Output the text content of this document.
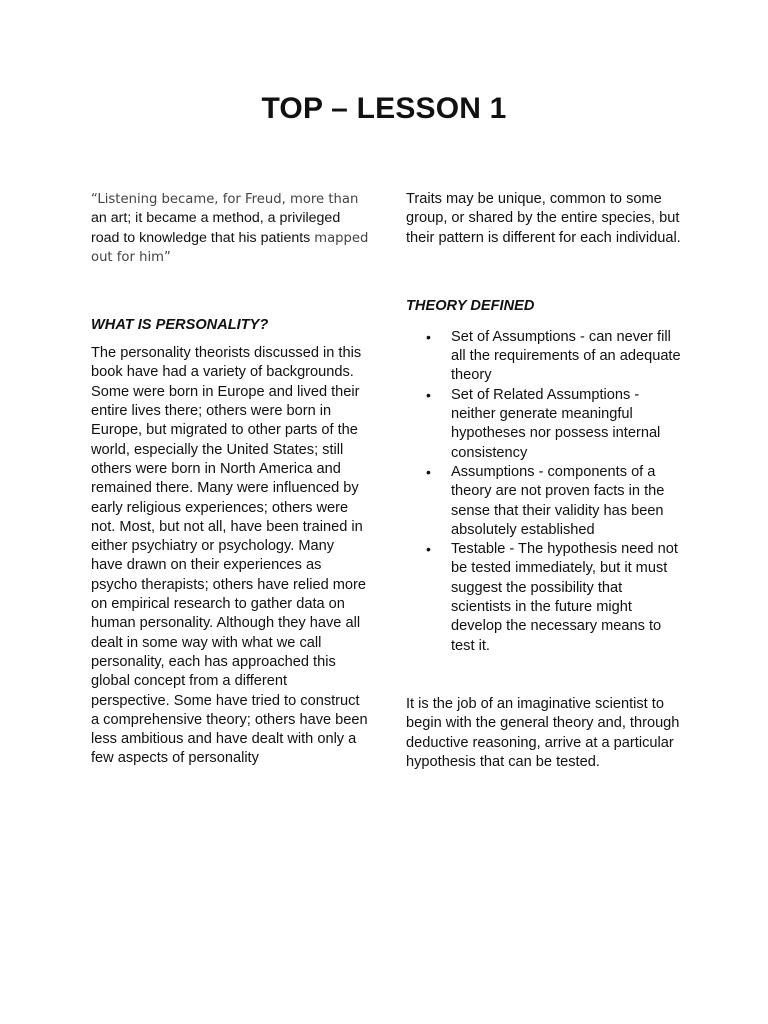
TOP – LESSON 1

“Listening became, for Freud, more than an art; it became a method, a privileged road to knowledge that his patients mapped out for him”

WHAT IS PERSONALITY?

The personality theorists discussed in this book have had a variety of backgrounds. Some were born in Europe and lived their entire lives there; others were born in Europe, but migrated to other parts of the world, especially the United States; still others were born in North America and remained there. Many were influenced by early religious experiences; others were not. Most, but not all, have been trained in either psychiatry or psychology. Many have drawn on their experiences as psycho therapists; others have relied more on empirical research to gather data on human personality. Although they have all dealt in some way with what we call personality, each has approached this global concept from a different perspective. Some have tried to construct a comprehensive theory; others have been less ambitious and have dealt with only a few aspects of personality

Traits may be unique, common to some group, or shared by the entire species, but their pattern is different for each individual.

THEORY DEFINED
• Set of Assumptions - can never fill all the requirements of an adequate theory
• Set of Related Assumptions - neither generate meaningful hypotheses nor possess internal consistency
• Assumptions - components of a theory are not proven facts in the sense that their validity has been absolutely established
• Testable - The hypothesis need not be tested immediately, but it must suggest the possibility that scientists in the future might develop the necessary means to test it.

It is the job of an imaginative scientist to begin with the general theory and, through deductive reasoning, arrive at a particular hypothesis that can be tested.
